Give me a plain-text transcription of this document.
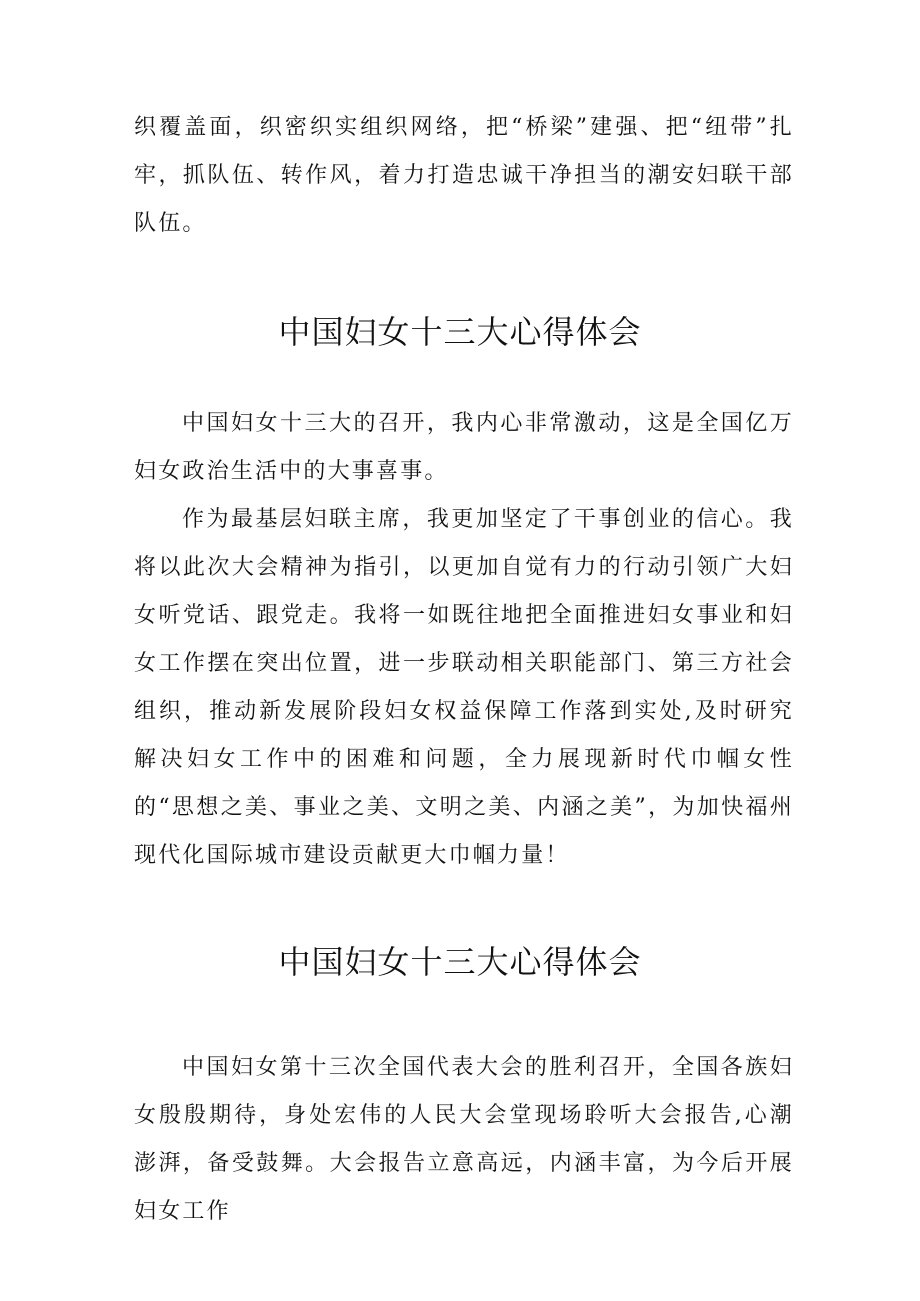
织覆盖面，织密织实组织网络，把“桥梁”建强、把“纽带”扎牢，抓队伍、转作风，着力打造忠诚干净担当的潮安妇联干部队伍。

中国妇女十三大心得体会

中国妇女十三大的召开，我内心非常激动，这是全国亿万妇女政治生活中的大事喜事。

作为最基层妇联主席，我更加坚定了干事创业的信心。我将以此次大会精神为指引，以更加自觉有力的行动引领广大妇女听党话、跟党走。我将一如既往地把全面推进妇女事业和妇女工作摆在突出位置，进一步联动相关职能部门、第三方社会组织，推动新发展阶段妇女权益保障工作落到实处,及时研究解决妇女工作中的困难和问题，全力展现新时代巾帼女性的“思想之美、事业之美、文明之美、内涵之美”，为加快福州现代化国际城市建设贡献更大巾帼力量！

中国妇女十三大心得体会

中国妇女第十三次全国代表大会的胜利召开，全国各族妇女殷殷期待，身处宏伟的人民大会堂现场聆听大会报告,心潮澎湃，备受鼓舞。大会报告立意高远，内涵丰富，为今后开展妇女工作
